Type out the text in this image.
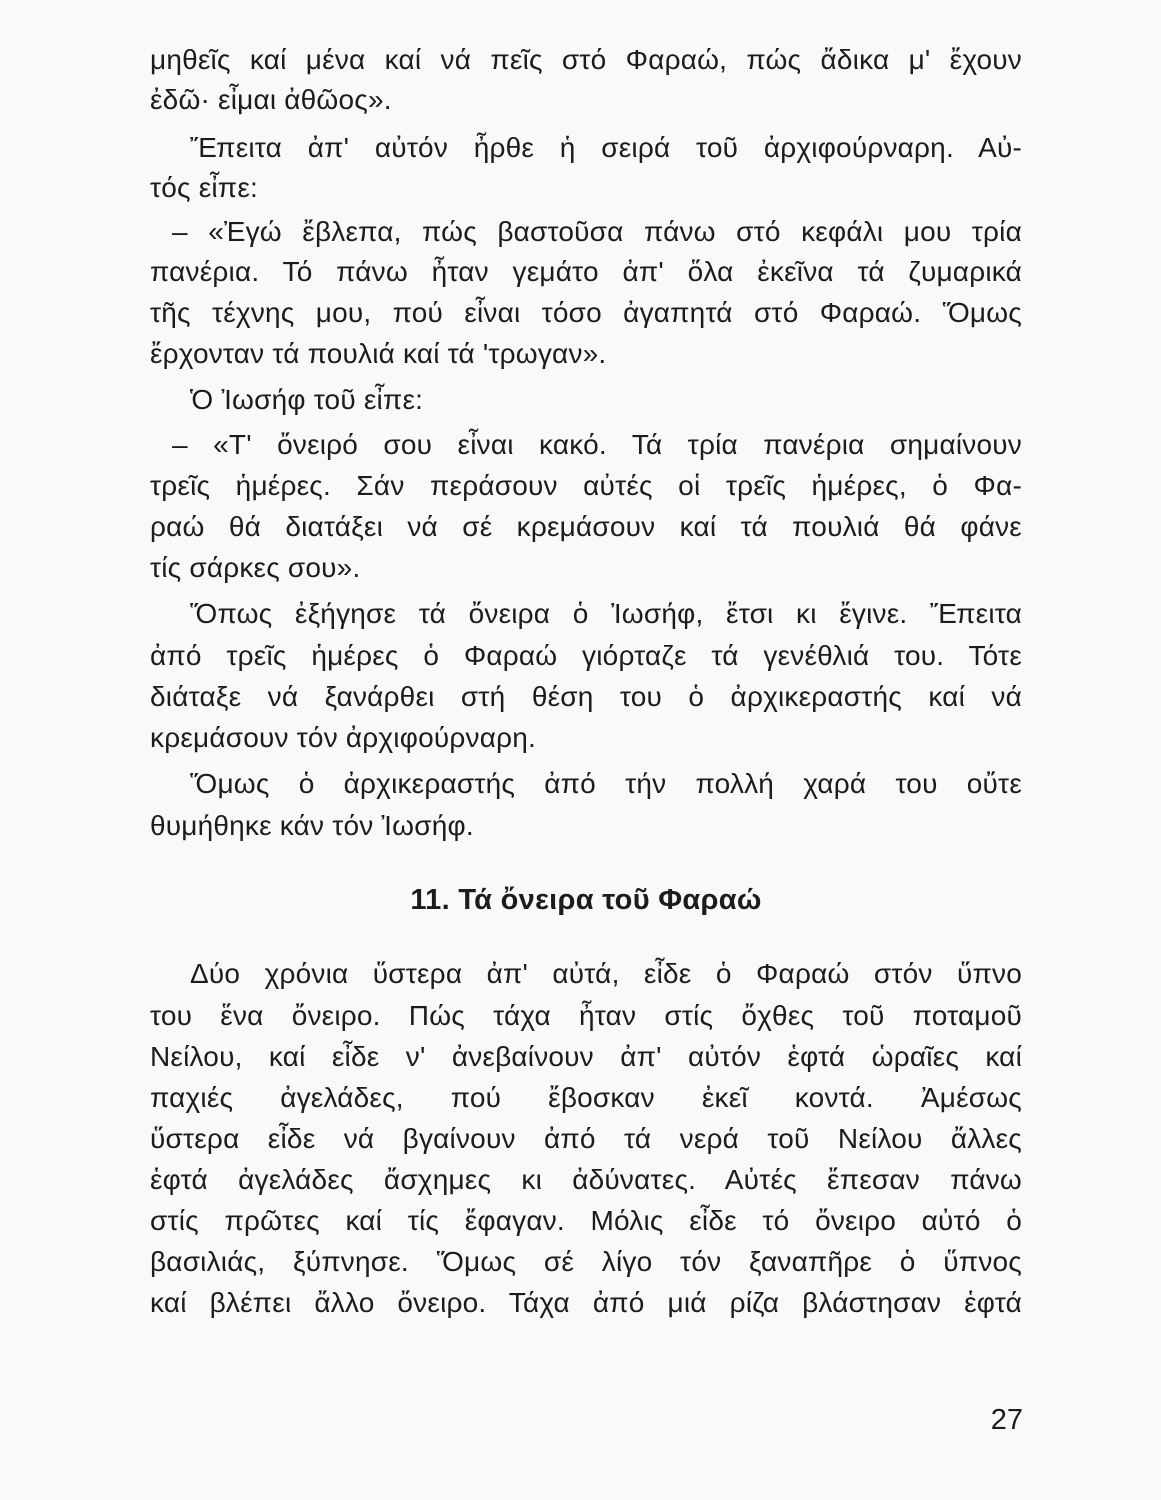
μηθεῖς καί μένα καί νά πεῖς στό Φαραώ, πώς ἄδικα μ' ἔχουν

ἐδῶ· εἶμαι ἀθῶος».

Ἔπειτα ἀπ' αὐτόν ἦρθε ἡ σειρά τοῦ ἀρχιφούρναρη. Αὐ-

τός εἶπε:

– «Ἐγώ ἔβλεπα, πώς βαστοῦσα πάνω στό κεφάλι μου τρία

πανέρια. Τό πάνω ἦταν γεμάτο ἀπ' ὅλα ἐκεῖνα τά ζυμαρικά

τῆς τέχνης μου, πού εἶναι τόσο ἀγαπητά στό Φαραώ. Ὅμως

ἔρχονταν τά πουλιά καί τά 'τρωγαν».

Ὁ Ἰωσήφ τοῦ εἶπε:

– «Τ' ὄνειρό σου εἶναι κακό. Τά τρία πανέρια σημαίνουν

τρεῖς ἡμέρες. Σάν περάσουν αὐτές οἱ τρεῖς ἡμέρες, ὁ Φα-

ραώ θά διατάξει νά σέ κρεμάσουν καί τά πουλιά θά φάνε

τίς σάρκες σου».

Ὅπως ἐξήγησε τά ὄνειρα ὁ Ἰωσήφ, ἔτσι κι ἔγινε. Ἔπειτα

ἀπό τρεῖς ἡμέρες ὁ Φαραώ γιόρταζε τά γενέθλιά του. Τότε

διάταξε νά ξανάρθει στή θέση του ὁ ἀρχικεραστής καί νά

κρεμάσουν τόν ἀρχιφούρναρη.

Ὅμως ὁ ἀρχικεραστής ἀπό τήν πολλή χαρά του οὔτε

θυμήθηκε κάν τόν Ἰωσήφ.

11. Τά ὄνειρα τοῦ Φαραώ

Δύο χρόνια ὕστερα ἀπ' αὐτά, εἶδε ὁ Φαραώ στόν ὕπνο

του ἕνα ὄνειρο. Πώς τάχα ἦταν στίς ὄχθες τοῦ ποταμοῦ

Νείλου, καί εἶδε ν' ἀνεβαίνουν ἀπ' αὐτόν ἑφτά ὡραῖες καί

παχιές ἀγελάδες, πού ἔβοσκαν ἐκεῖ κοντά. Ἀμέσως

ὕστερα εἶδε νά βγαίνουν ἀπό τά νερά τοῦ Νείλου ἄλλες

ἑφτά ἀγελάδες ἄσχημες κι ἀδύνατες. Αὐτές ἔπεσαν πάνω

στίς πρῶτες καί τίς ἔφαγαν. Μόλις εἶδε τό ὄνειρο αὐτό ὁ

βασιλιάς, ξύπνησε. Ὅμως σέ λίγο τόν ξαναπῆρε ὁ ὕπνος

καί βλέπει ἄλλο ὄνειρο. Τάχα ἀπό μιά ρίζα βλάστησαν ἑφτά

27
